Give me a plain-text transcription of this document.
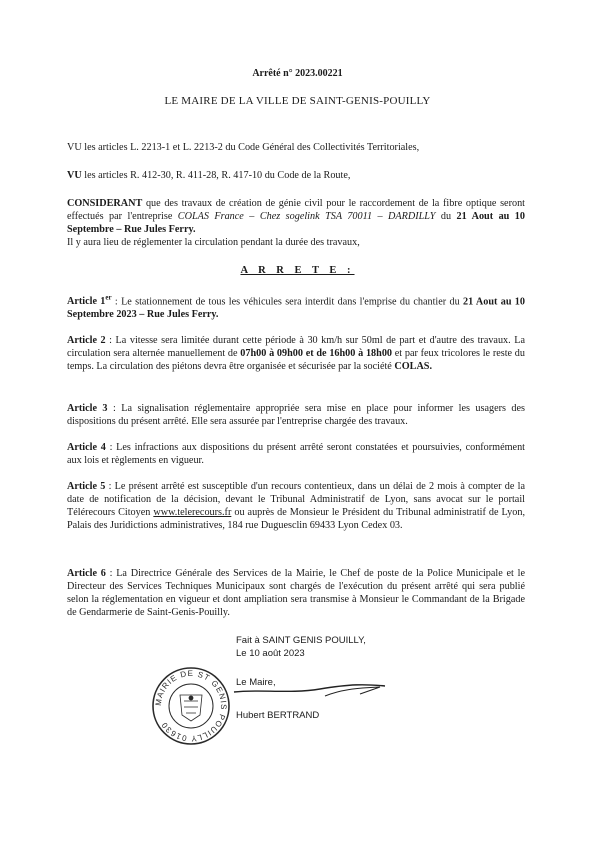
Arrêté n° 2023.00221
LE MAIRE DE LA VILLE DE SAINT-GENIS-POUILLY
VU les articles L. 2213-1 et L. 2213-2 du Code Général des Collectivités Territoriales,
VU les articles R. 412-30, R. 411-28, R. 417-10 du Code de la Route,
CONSIDERANT que des travaux de création de génie civil pour le raccordement de la fibre optique seront effectués par l'entreprise COLAS France – Chez sogelink TSA 70011 – DARDILLY du 21 Aout au 10 Septembre – Rue Jules Ferry.
Il y aura lieu de réglementer la circulation pendant la durée des travaux,
A R R E T E :
Article 1er : Le stationnement de tous les véhicules sera interdit dans l'emprise du chantier du 21 Aout au 10 Septembre 2023 – Rue Jules Ferry.
Article 2 : La vitesse sera limitée durant cette période à 30 km/h sur 50ml de part et d'autre des travaux. La circulation sera alternée manuellement de 07h00 à 09h00 et de 16h00 à 18h00 et par feux tricolores le reste du temps. La circulation des piétons devra être organisée et sécurisée par la société COLAS.
Article 3 : La signalisation réglementaire appropriée sera mise en place pour informer les usagers des dispositions du présent arrêté. Elle sera assurée par l'entreprise chargée des travaux.
Article 4 : Les infractions aux dispositions du présent arrêté seront constatées et poursuivies, conformément aux lois et règlements en vigueur.
Article 5 : Le présent arrêté est susceptible d'un recours contentieux, dans un délai de 2 mois à compter de la date de notification de la décision, devant le Tribunal Administratif de Lyon, sans avocat sur le portail Télérecours Citoyen www.telerecours.fr ou auprès de Monsieur le Président du Tribunal administratif de Lyon, Palais des Juridictions administratives, 184 rue Duguesclin 69433 Lyon Cedex 03.
Article 6 : La Directrice Générale des Services de la Mairie, le Chef de poste de la Police Municipale et le Directeur des Services Techniques Municipaux sont chargés de l'exécution du présent arrêté qui sera publié selon la réglementation en vigueur et dont ampliation sera transmise à Monsieur le Commandant de la Brigade de Gendarmerie de Saint-Genis-Pouilly.
Fait à SAINT GENIS POUILLY,
Le 10 août 2023
Le Maire,
Hubert BERTRAND
MAIRIE DE ST GENIS POUILLY 01630
